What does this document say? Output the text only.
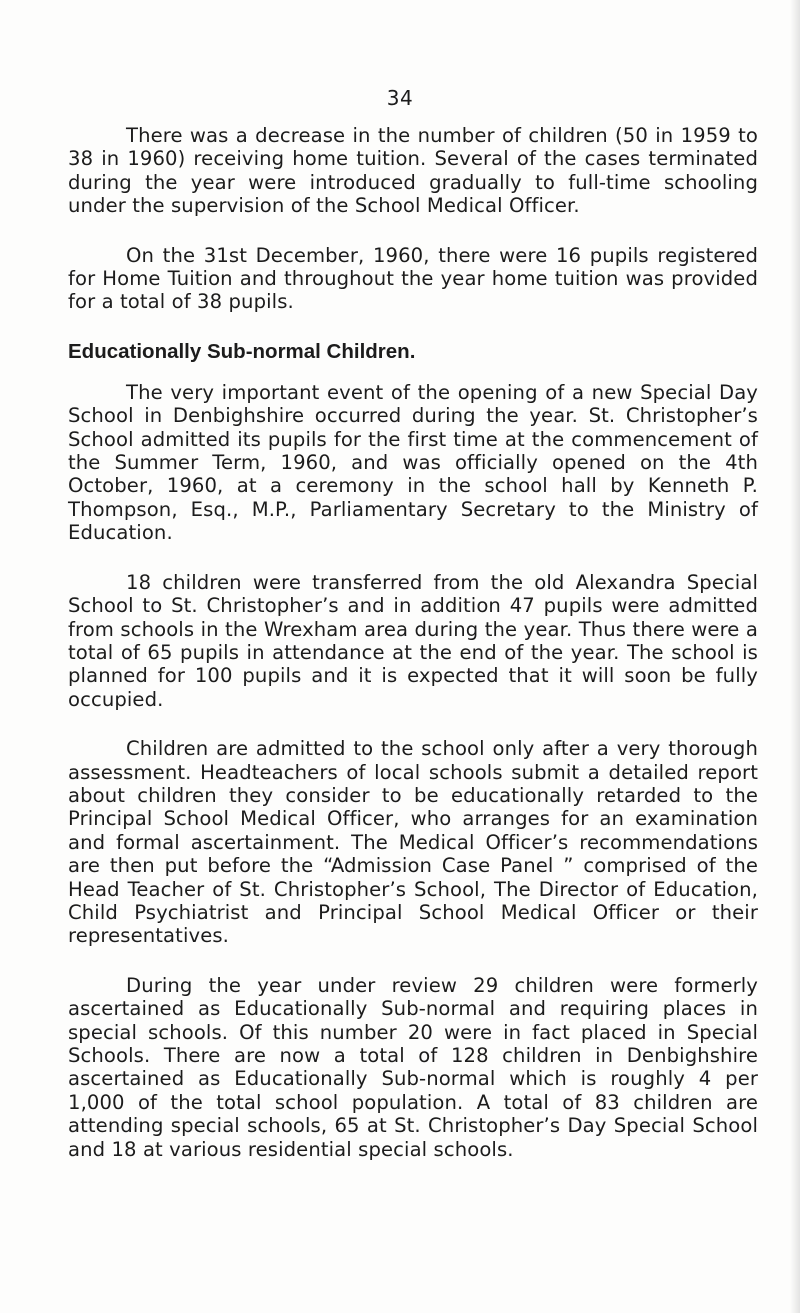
34

There was a decrease in the number of children (50 in 1959 to 38 in 1960) receiving home tuition. Several of the cases terminated during the year were introduced gradually to full-time schooling under the supervision of the School Medical Officer.

On the 31st December, 1960, there were 16 pupils registered for Home Tuition and throughout the year home tuition was provided for a total of 38 pupils.

Educationally Sub-normal Children.

The very important event of the opening of a new Special Day School in Denbighshire occurred during the year. St. Christopher’s School admitted its pupils for the first time at the commencement of the Summer Term, 1960, and was officially opened on the 4th October, 1960, at a ceremony in the school hall by Kenneth P. Thompson, Esq., M.P., Parliamentary Secretary to the Ministry of Education.

18 children were transferred from the old Alexandra Special School to St. Christopher’s and in addition 47 pupils were admitted from schools in the Wrexham area during the year. Thus there were a total of 65 pupils in attendance at the end of the year. The school is planned for 100 pupils and it is expected that it will soon be fully occupied.

Children are admitted to the school only after a very thorough assessment. Headteachers of local schools submit a detailed report about children they consider to be educationally retarded to the Principal School Medical Officer, who arranges for an examination and formal ascertainment. The Medical Officer’s recommendations are then put before the “Admission Case Panel ” comprised of the Head Teacher of St. Christopher’s School, The Director of Education, Child Psychiatrist and Principal School Medical Officer or their representatives.

During the year under review 29 children were formerly ascertained as Educationally Sub-normal and requiring places in special schools. Of this number 20 were in fact placed in Special Schools. There are now a total of 128 children in Denbighshire ascertained as Educationally Sub-normal which is roughly 4 per 1,000 of the total school population. A total of 83 children are attending special schools, 65 at St. Christopher’s Day Special School and 18 at various residential special schools.
